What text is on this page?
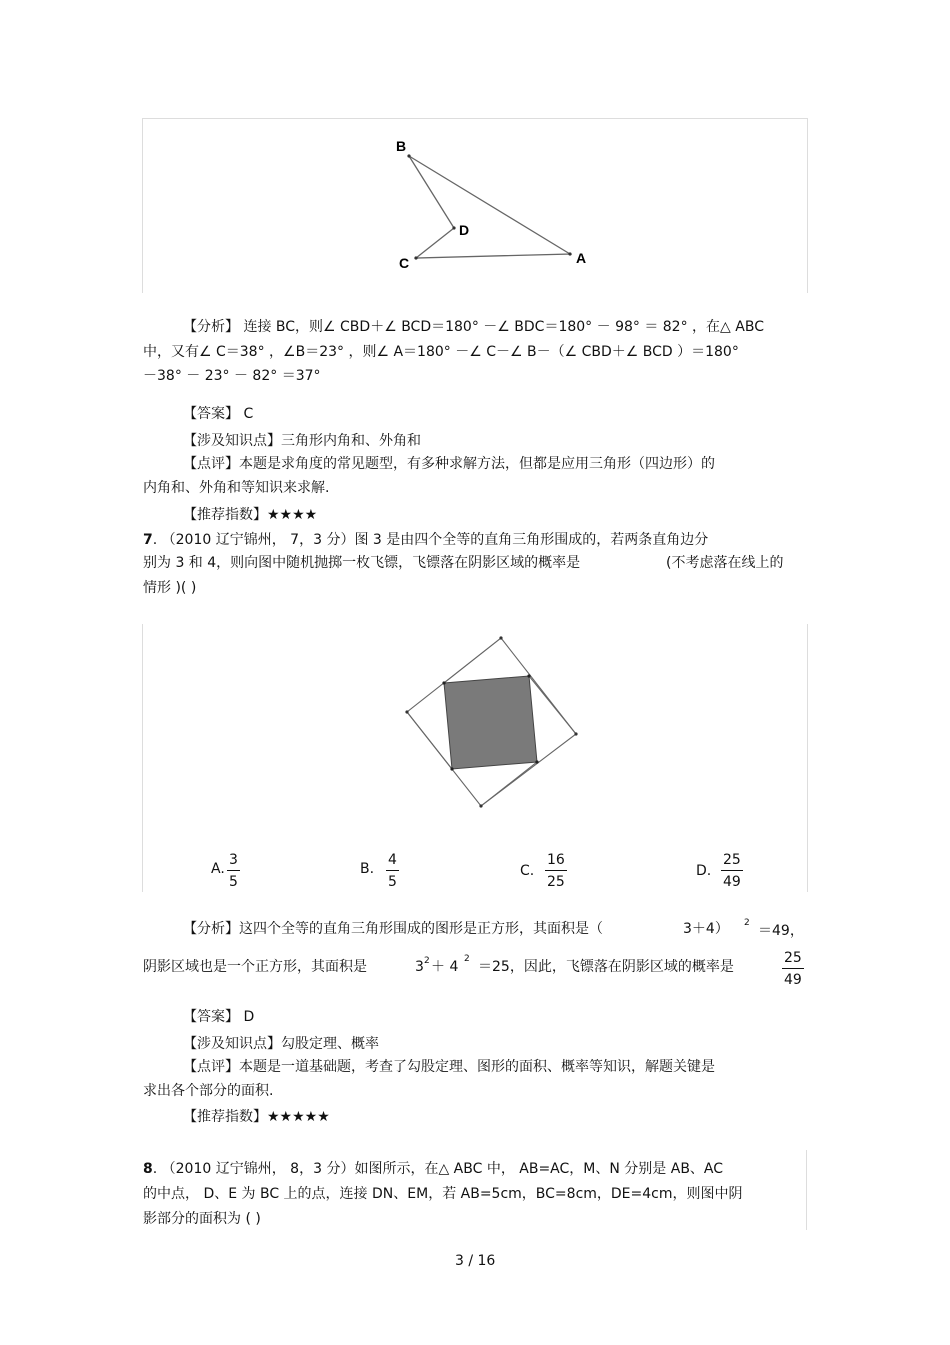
B
D
C	A
【分析】 连接 BC，则∠ CBD＋∠ BCD＝180° －∠ BDC＝180° － 98° ＝ 82° ，在△ ABC
中，又有∠ C＝38° ，∠B＝23° ，则∠ A＝180° －∠ C－∠ B－（∠ CBD＋∠ BCD ）＝180°
－38° － 23° － 82° ＝37°
【答案】 C
【涉及知识点】三角形内角和、外角和
【点评】本题是求角度的常见题型，有多种求解方法，但都是应用三角形（四边形）的
内角和、外角和等知识来求解.
【推荐指数】★★★★
7. （2010 辽宁锦州， 7，3 分）图 3 是由四个全等的直角三角形围成的，若两条直角边分
别为 3 和 4，则向图中随机抛掷一枚飞镖，飞镖落在阴影区域的概率是	(不考虑落在线上的
情形 )( )
A. $\frac{3}{5}$	B. $\frac{4}{5}$	C. $\frac{16}{25}$	D. $\frac{25}{49}$
【分析】这四个全等的直角三角形围成的图形是正方形，其面积是（	3＋4） 2 ＝49，
阴影区域也是一个正方形，其面积是	3 2 ＋ 4 2 ＝25，因此，飞镖落在阴影区域的概率是	$\frac{25}{49}$
【答案】 D
【涉及知识点】勾股定理、概率
【点评】本题是一道基础题，考查了勾股定理、图形的面积、概率等知识，解题关键是
求出各个部分的面积.
【推荐指数】★★★★★
8. （2010 辽宁锦州， 8，3 分）如图所示，在△ ABC 中， AB=AC，M、N 分别是 AB、AC
的中点， D、E 为 BC 上的点，连接 DN、EM，若 AB=5cm，BC=8cm，DE=4cm，则图中阴
影部分的面积为 ( )
3 / 16
